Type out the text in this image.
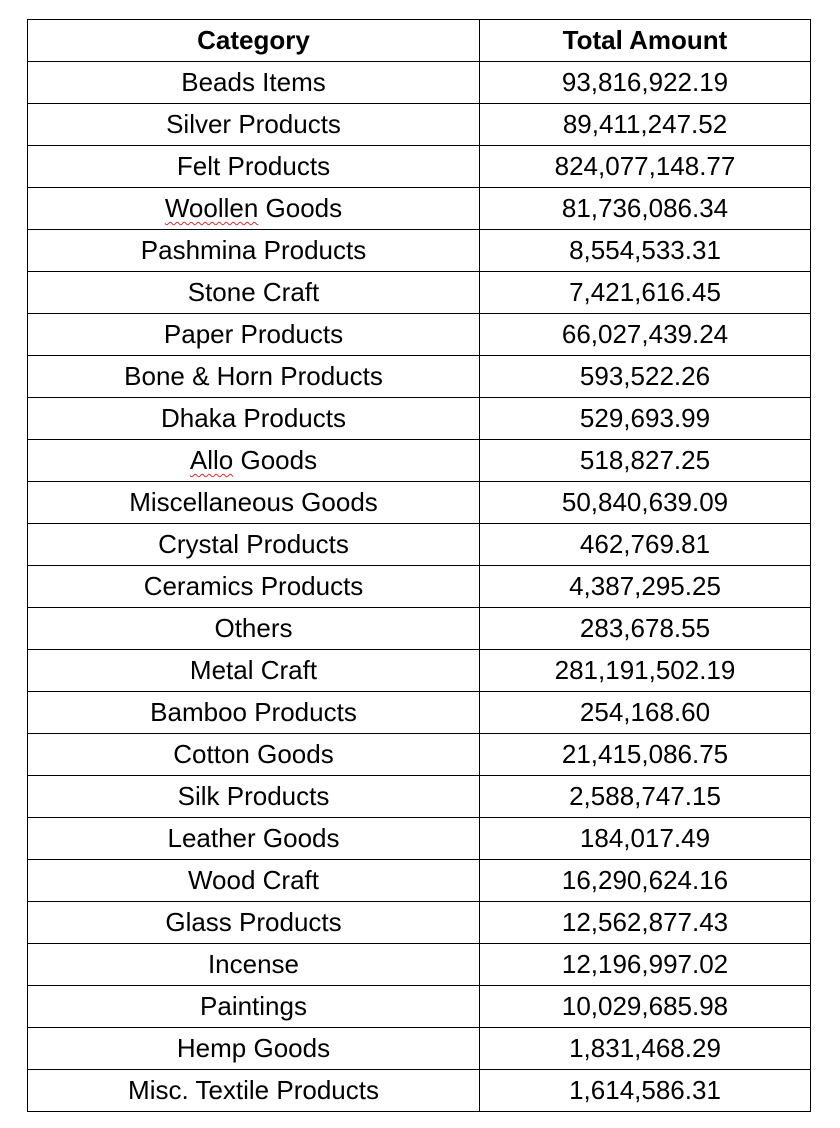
Category	Total Amount
Beads Items	93,816,922.19
Silver Products	89,411,247.52
Felt Products	824,077,148.77
Woollen Goods	81,736,086.34
Pashmina Products	8,554,533.31
Stone Craft	7,421,616.45
Paper Products	66,027,439.24
Bone & Horn Products	593,522.26
Dhaka Products	529,693.99
Allo Goods	518,827.25
Miscellaneous Goods	50,840,639.09
Crystal Products	462,769.81
Ceramics Products	4,387,295.25
Others	283,678.55
Metal Craft	281,191,502.19
Bamboo Products	254,168.60
Cotton Goods	21,415,086.75
Silk Products	2,588,747.15
Leather Goods	184,017.49
Wood Craft	16,290,624.16
Glass Products	12,562,877.43
Incense	12,196,997.02
Paintings	10,029,685.98
Hemp Goods	1,831,468.29
Misc. Textile Products	1,614,586.31
